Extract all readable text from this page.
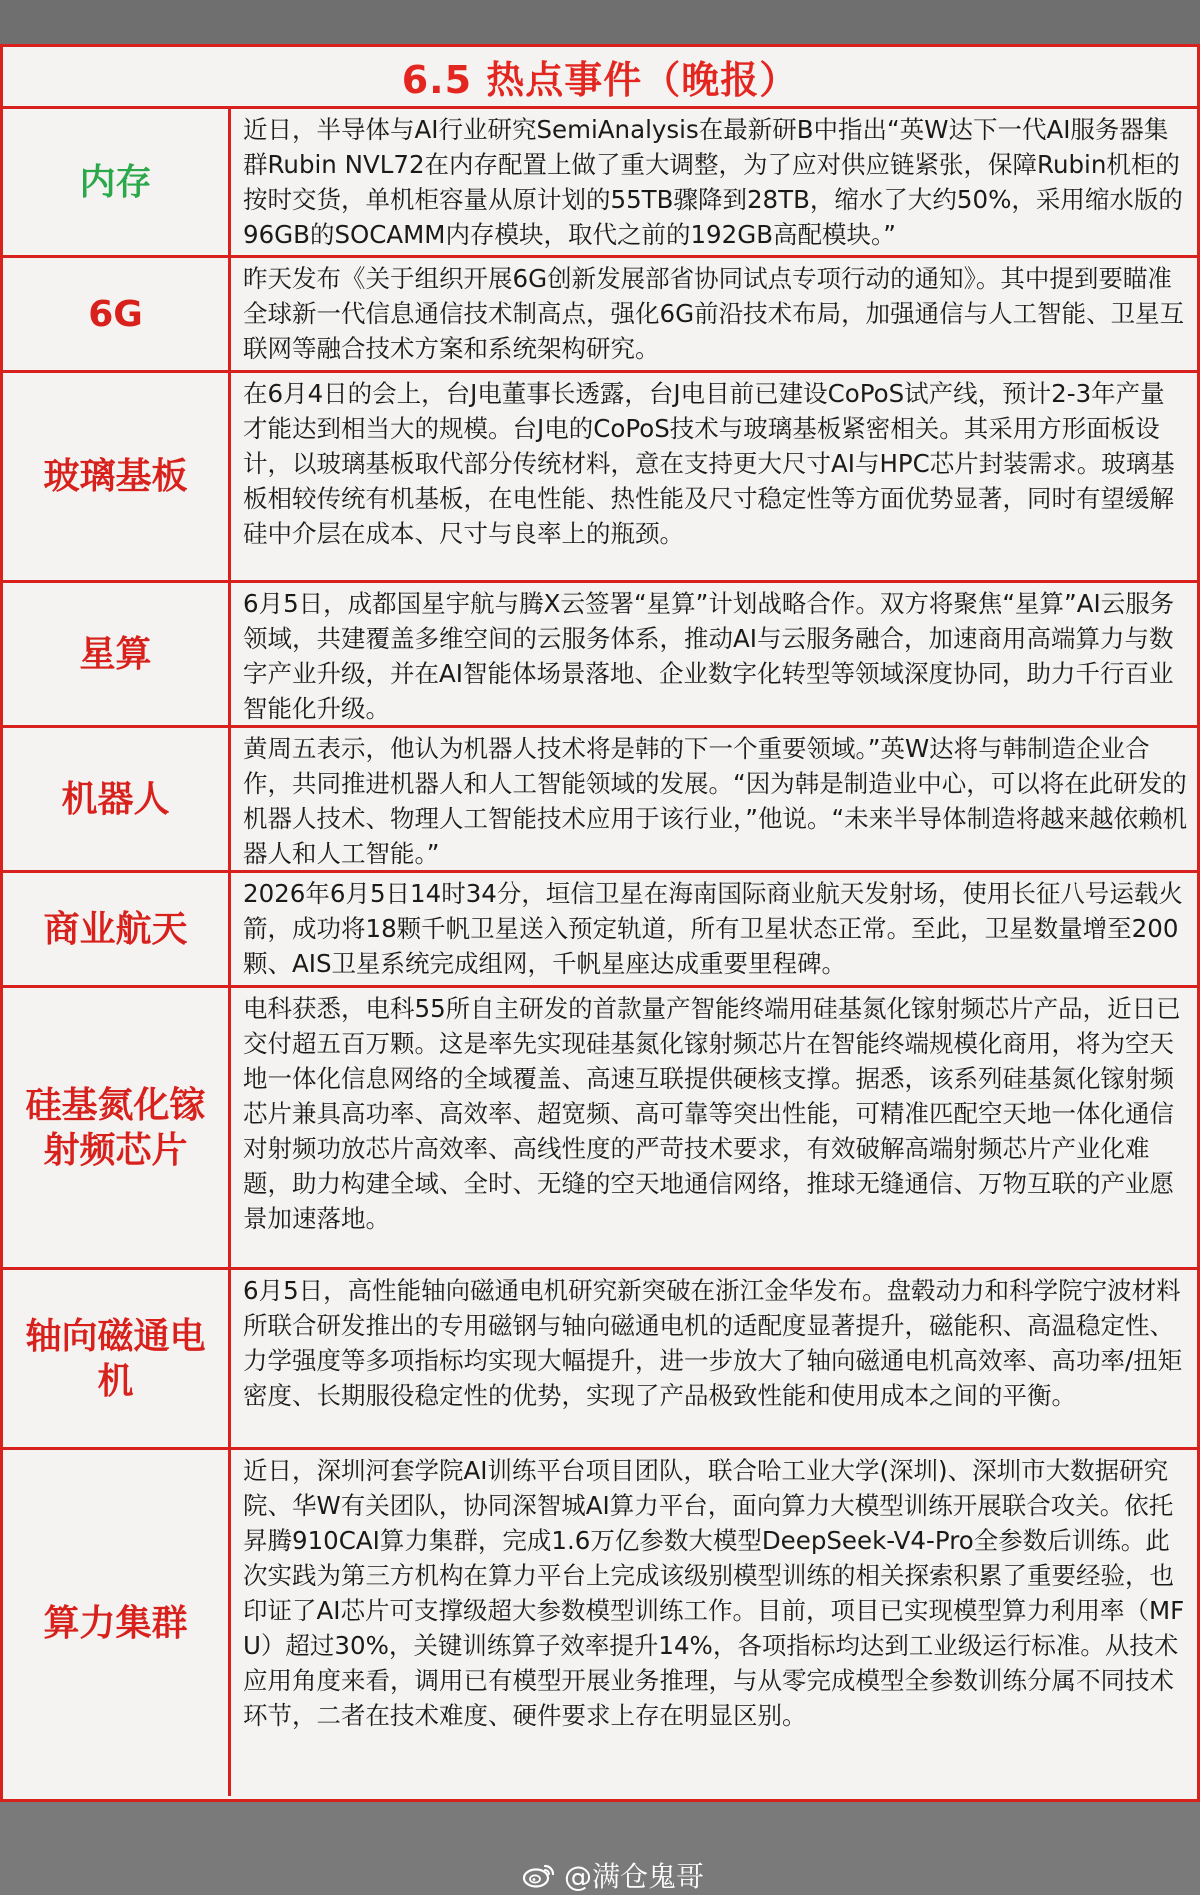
6.5 热点事件（晚报）
内存
近日，半导体与AI行业研究SemiAnalysis在最新研B中指出“英W达下一代AI服务器集群Rubin NVL72在内存配置上做了重大调整，为了应对供应链紧张，保障Rubin机柜的按时交货，单机柜容量从原计划的55TB骤降到28TB，缩水了大约50%，采用缩水版的96GB的SOCAMM内存模块，取代之前的192GB高配模块。”
6G
昨天发布《关于组织开展6G创新发展部省协同试点专项行动的通知》。其中提到要瞄准全球新一代信息通信技术制高点，强化6G前沿技术布局，加强通信与人工智能、卫星互联网等融合技术方案和系统架构研究。
玻璃基板
在6月4日的会上，台J电董事长透露，台J电目前已建设CoPoS试产线，预计2-3年产量才能达到相当大的规模。台J电的CoPoS技术与玻璃基板紧密相关。其采用方形面板设计，以玻璃基板取代部分传统材料，意在支持更大尺寸AI与HPC芯片封装需求。玻璃基板相较传统有机基板，在电性能、热性能及尺寸稳定性等方面优势显著，同时有望缓解硅中介层在成本、尺寸与良率上的瓶颈。
星算
6月5日，成都国星宇航与腾X云签署“星算”计划战略合作。双方将聚焦“星算”AI云服务领域，共建覆盖多维空间的云服务体系，推动AI与云服务融合，加速商用高端算力与数字产业升级，并在AI智能体场景落地、企业数字化转型等领域深度协同，助力千行百业智能化升级。
机器人
黄周五表示，他认为机器人技术将是韩的下一个重要领域。”英W达将与韩制造企业合作，共同推进机器人和人工智能领域的发展。“因为韩是制造业中心，可以将在此研发的机器人技术、物理人工智能技术应用于该行业，”他说。“未来半导体制造将越来越依赖机器人和人工智能。”
商业航天
2026年6月5日14时34分，垣信卫星在海南国际商业航天发射场，使用长征八号运载火箭，成功将18颗千帆卫星送入预定轨道，所有卫星状态正常。至此，卫星数量增至200颗、AIS卫星系统完成组网，千帆星座达成重要里程碑。
硅基氮化镓射频芯片
电科获悉，电科55所自主研发的首款量产智能终端用硅基氮化镓射频芯片产品，近日已交付超五百万颗。这是率先实现硅基氮化镓射频芯片在智能终端规模化商用，将为空天地一体化信息网络的全域覆盖、高速互联提供硬核支撑。据悉，该系列硅基氮化镓射频芯片兼具高功率、高效率、超宽频、高可靠等突出性能，可精准匹配空天地一体化通信对射频功放芯片高效率、高线性度的严苛技术要求，有效破解高端射频芯片产业化难题，助力构建全域、全时、无缝的空天地通信网络，推球无缝通信、万物互联的产业愿景加速落地。
轴向磁通电机
6月5日，高性能轴向磁通电机研究新突破在浙江金华发布。盘毂动力和科学院宁波材料所联合研发推出的专用磁钢与轴向磁通电机的适配度显著提升，磁能积、高温稳定性、力学强度等多项指标均实现大幅提升，进一步放大了轴向磁通电机高效率、高功率/扭矩密度、长期服役稳定性的优势，实现了产品极致性能和使用成本之间的平衡。
算力集群
近日，深圳河套学院AI训练平台项目团队，联合哈工业大学(深圳)、深圳市大数据研究院、华W有关团队，协同深智城AI算力平台，面向算力大模型训练开展联合攻关。依托昇腾910CAI算力集群，完成1.6万亿参数大模型DeepSeek-V4-Pro全参数后训练。此次实践为第三方机构在算力平台上完成该级别模型训练的相关探索积累了重要经验，也印证了AI芯片可支撑级超大参数模型训练工作。目前，项目已实现模型算力利用率（MFU）超过30%，关键训练算子效率提升14%，各项指标均达到工业级运行标准。从技术应用角度来看，调用已有模型开展业务推理，与从零完成模型全参数训练分属不同技术环节，二者在技术难度、硬件要求上存在明显区别。
@满仓鬼哥
